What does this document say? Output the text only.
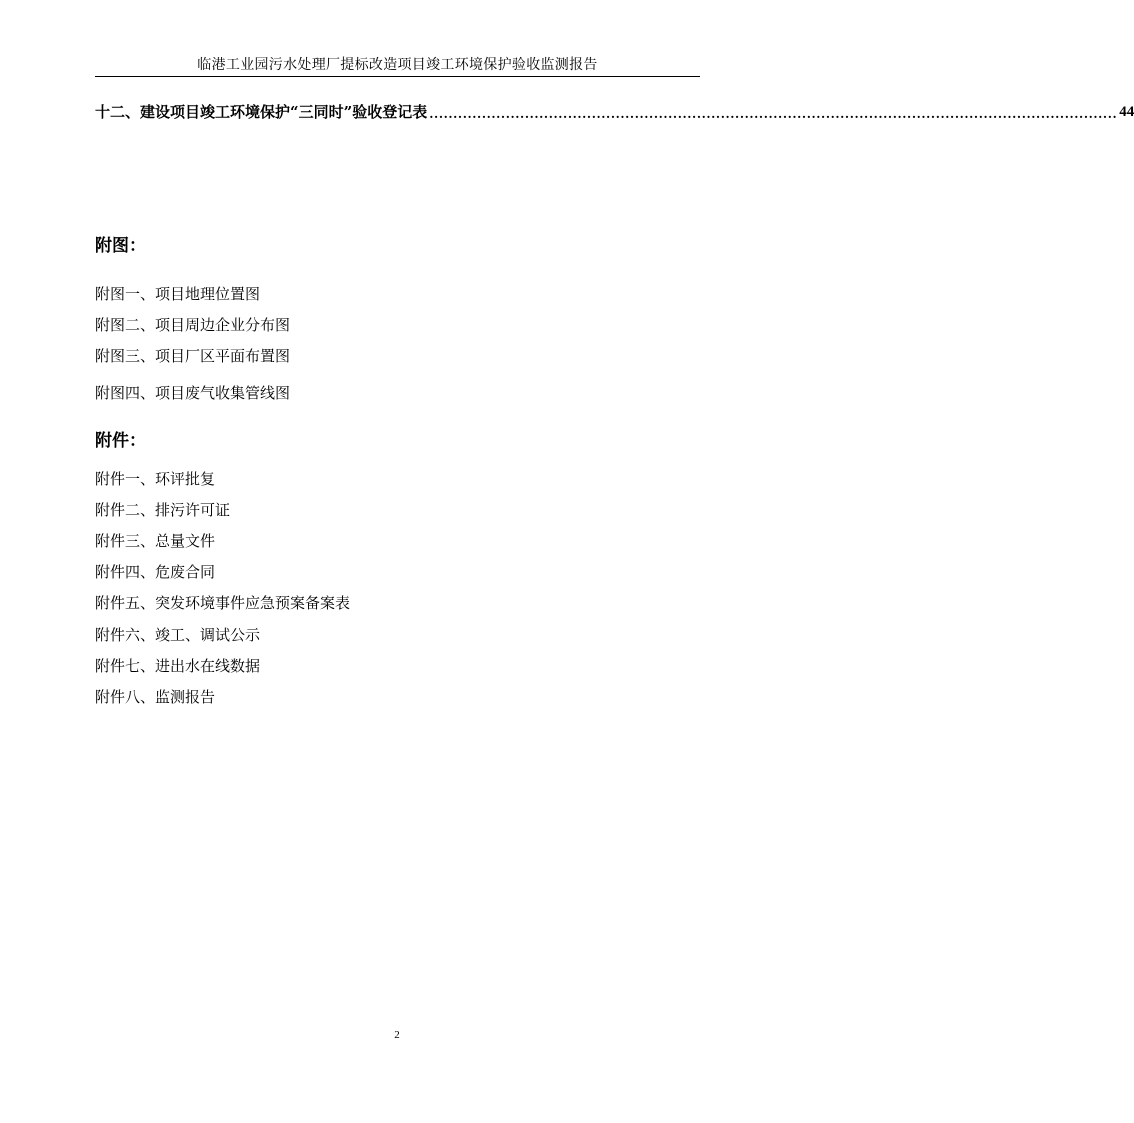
临港工业园污水处理厂提标改造项目竣工环境保护验收监测报告
十二、建设项目竣工环境保护“三同时”验收登记表 ................................................................................................................................................ 44
附图：
附图一、项目地理位置图
附图二、项目周边企业分布图
附图三、项目厂区平面布置图
附图四、项目废气收集管线图
附件：
附件一、环评批复
附件二、排污许可证
附件三、总量文件
附件四、危废合同
附件五、突发环境事件应急预案备案表
附件六、竣工、调试公示
附件七、进出水在线数据
附件八、监测报告
2
